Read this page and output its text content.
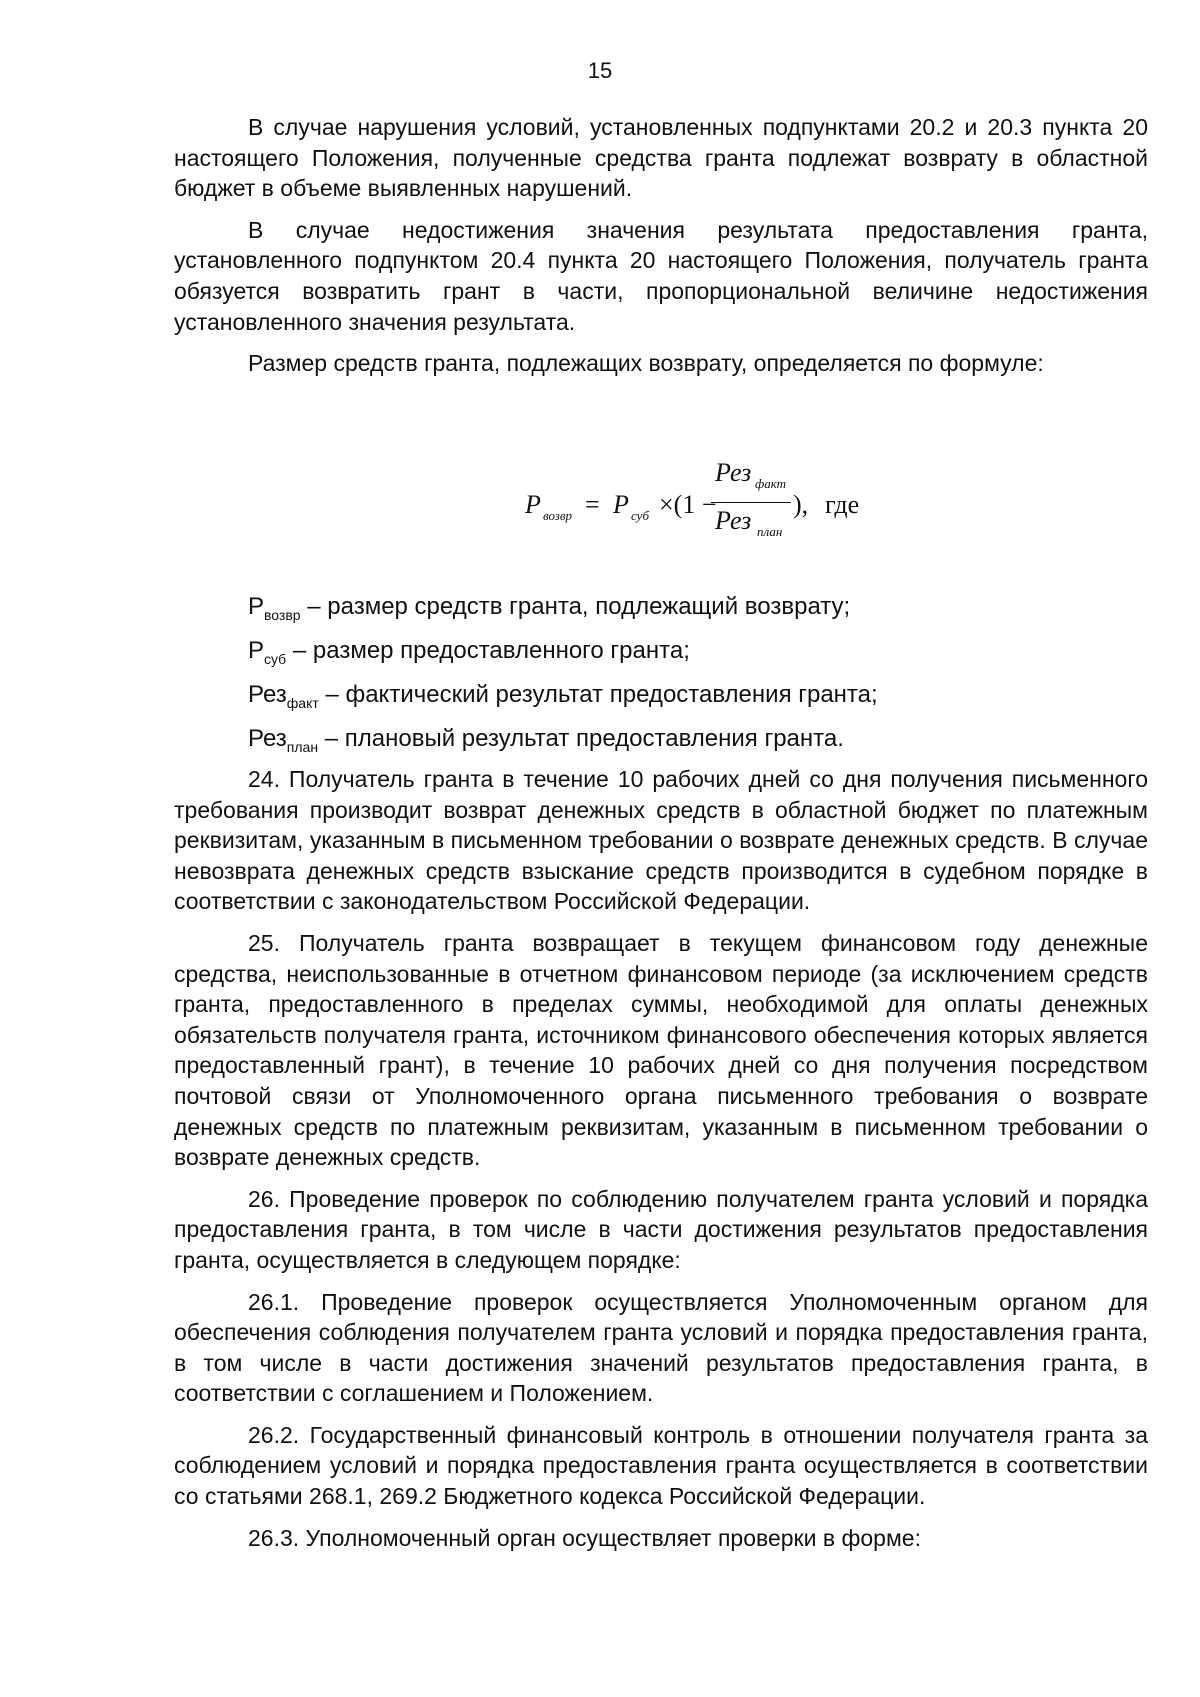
15

В случае нарушения условий, установленных подпунктами 20.2 и 20.3 пункта 20 настоящего Положения, полученные средства гранта подлежат возврату в областной бюджет в объеме выявленных нарушений.

В случае недостижения значения результата предоставления гранта, установленного подпунктом 20.4 пункта 20 настоящего Положения, получатель гранта обязуется возвратить грант в части, пропорциональной величине недостижения установленного значения результата.

Размер средств гранта, подлежащих возврату, определяется по формуле:

P возвр = P суб ×(1 −
Рез факт
Рез план
), где

$Р_{возвр}$ – размер средств гранта, подлежащий возврату;

$Р_{суб}$ – размер предоставленного гранта;

Рез$_{факт}$ – фактический результат предоставления гранта;

Рез$_{план}$ – плановый результат предоставления гранта.

24. Получатель гранта в течение 10 рабочих дней со дня получения письменного требования производит возврат денежных средств в областной бюджет по платежным реквизитам, указанным в письменном требовании о возврате денежных средств. В случае невозврата денежных средств взыскание средств производится в судебном порядке в соответствии с законодательством Российской Федерации.

25. Получатель гранта возвращает в текущем финансовом году денежные средства, неиспользованные в отчетном финансовом периоде (за исключением средств гранта, предоставленного в пределах суммы, необходимой для оплаты денежных обязательств получателя гранта, источником финансового обеспечения которых является предоставленный грант), в течение 10 рабочих дней со дня получения посредством почтовой связи от Уполномоченного органа письменного требования о возврате денежных средств по платежным реквизитам, указанным в письменном требовании о возврате денежных средств.

26. Проведение проверок по соблюдению получателем гранта условий и порядка предоставления гранта, в том числе в части достижения результатов предоставления гранта, осуществляется в следующем порядке:

26.1. Проведение проверок осуществляется Уполномоченным органом для обеспечения соблюдения получателем гранта условий и порядка предоставления гранта, в том числе в части достижения значений результатов предоставления гранта, в соответствии с соглашением и Положением.

26.2. Государственный финансовый контроль в отношении получателя гранта за соблюдением условий и порядка предоставления гранта осуществляется в соответствии со статьями 268.1, 269.2 Бюджетного кодекса Российской Федерации.

26.3. Уполномоченный орган осуществляет проверки в форме:
